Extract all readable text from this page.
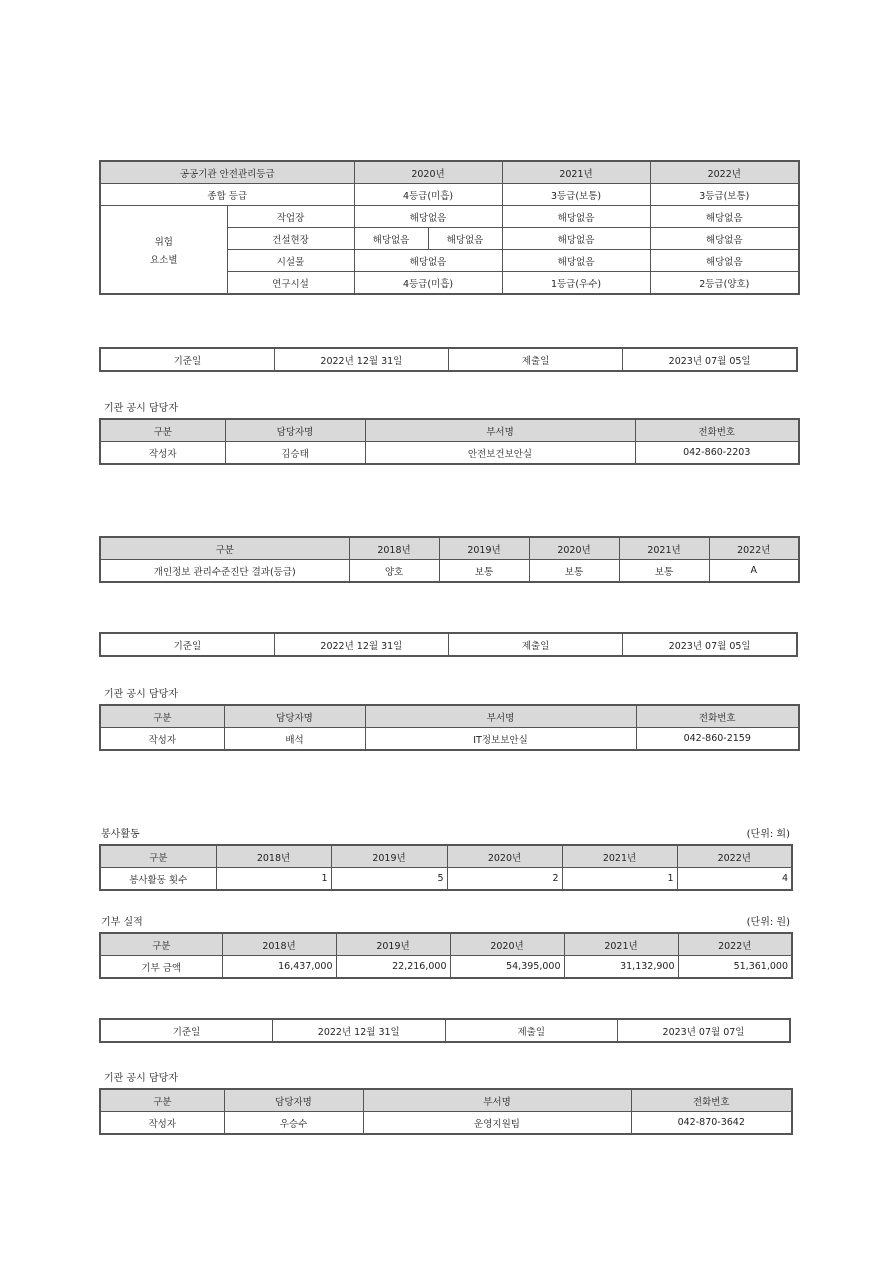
공공기관 안전관리등급		2020년		2021년	2022년
종합 등급		4등급(미흡)		3등급(보통)	3등급(보통)

위험
요소별	작업장	해당없음		해당없음	해당없음
	건설현장	해당없음	해당없음	해당없음	해당없음
	시설물	해당없음		해당없음	해당없음
	연구시설	4등급(미흡)		1등급(우수)	2등급(양호)
기준일	2022년 12월 31일	제출일	2023년 07월 05일
기관 공시 담당자
구분	담당자명	부서명	전화번호
작성자	김승태	안전보건보안실	042-860-2203
구분	2018년	2019년	2020년	2021년	2022년
개인정보 관리수준진단 결과(등급)	양호	보통	보통	보통	A
기준일	2022년 12월 31일	제출일	2023년 07월 05일
기관 공시 담당자
구분	담당자명	부서명	전화번호
작성자	배석	IT정보보안실	042-860-2159
봉사활동	(단위: 회)
구분	2018년	2019년	2020년	2021년	2022년
봉사활동 횟수	1	5	2	1	4
기부 실적	(단위: 원)
구분	2018년	2019년	2020년	2021년	2022년
기부 금액	16,437,000	22,216,000	54,395,000	31,132,900	51,361,000
기준일	2022년 12월 31일	제출일	2023년 07월 07일
기관 공시 담당자
구분	담당자명	부서명	전화번호
작성자	우승수	운영지원팀	042-870-3642
